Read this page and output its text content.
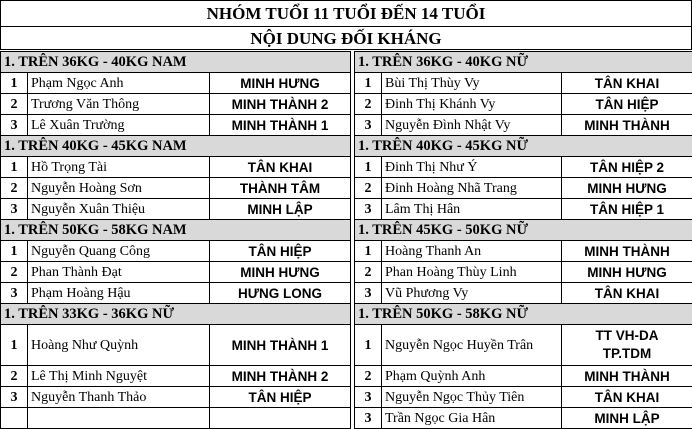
NHÓM TUỔI 11 TUỔI ĐẾN 14 TUỔI
NỘI DUNG ĐỐI KHÁNG
1. TRÊN 36KG - 40KG NAM		
1	Phạm Ngọc Anh	MINH HƯNG
2	Trương Văn Thông	MINH THÀNH 2
3	Lê Xuân Trường	MINH THÀNH 1
1. TRÊN 40KG - 45KG NAM		
1	Hồ Trọng Tài	TÂN KHAI
2	Nguyễn Hoàng Sơn	THÀNH TÂM
3	Nguyễn Xuân Thiệu	MINH LẬP
1. TRÊN 50KG - 58KG NAM		
1	Nguyễn Quang Công	TÂN HIỆP
2	Phan Thành Đạt	MINH HƯNG
3	Phạm Hoàng Hậu	HƯNG LONG
1. TRÊN 33KG - 36KG NỮ		
1	Hoàng Như Quỳnh	MINH THÀNH 1
2	Lê Thị Minh Nguyệt	MINH THÀNH 2
3	Nguyễn Thanh Thảo	TÂN HIỆP

1. TRÊN 36KG - 40KG NỮ		
1	Bùi Thị Thùy Vy	TÂN KHAI
2	Đinh Thị Khánh Vy	TÂN HIỆP
3	Nguyễn Đình Nhật Vy	MINH THÀNH
1. TRÊN 40KG - 45KG NỮ		
1	Đinh Thị Như Ý	TÂN HIỆP 2
2	Đinh Hoàng Nhã Trang	MINH HƯNG
3	Lâm Thị Hân	TÂN HIỆP 1
1. TRÊN 45KG - 50KG NỮ		
1	Hoàng Thanh An	MINH THÀNH
2	Phan Hoàng Thùy Linh	MINH HƯNG
3	Vũ Phương Vy	TÂN KHAI
1. TRÊN 50KG - 58KG NỮ		
1	Nguyễn Ngọc Huyền Trân	TT VH-DA
TP.TDM

2	Phạm Quỳnh Anh	MINH THÀNH
3	Nguyễn Ngọc Thủy Tiên	TÂN KHAI
3	Trần Ngọc Gia Hân	MINH LẬP
